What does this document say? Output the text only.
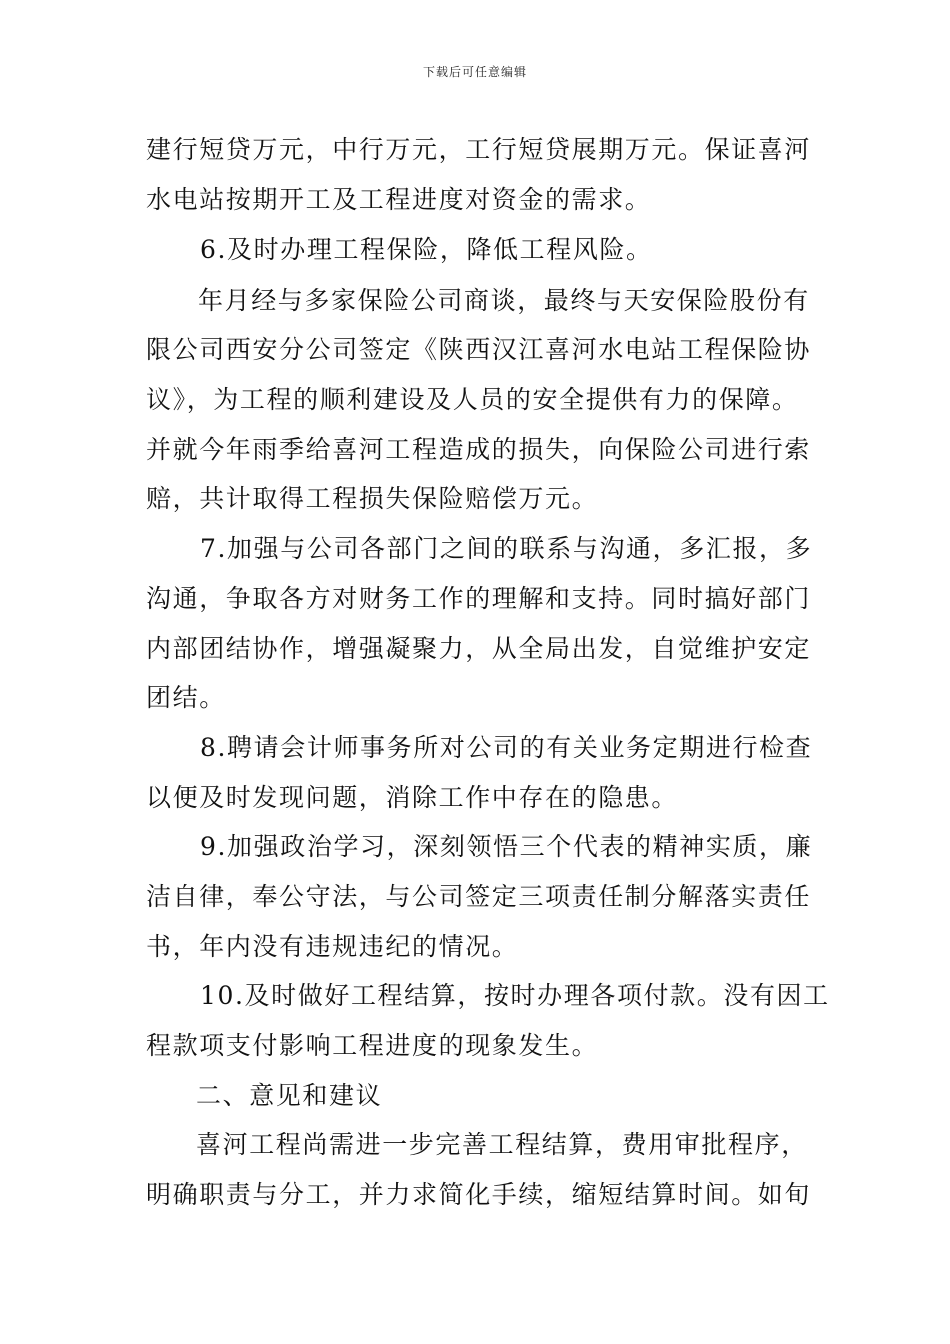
下载后可任意编辑
建行短贷万元，中行万元，工行短贷展期万元。保证喜河
水电站按期开工及工程进度对资金的需求。
6.及时办理工程保险，降低工程风险。
年月经与多家保险公司商谈，最终与天安保险股份有
限公司西安分公司签定《陕西汉江喜河水电站工程保险协
议》，为工程的顺利建设及人员的安全提供有力的保障。
并就今年雨季给喜河工程造成的损失，向保险公司进行索
赔，共计取得工程损失保险赔偿万元。
7.加强与公司各部门之间的联系与沟通，多汇报，多
沟通，争取各方对财务工作的理解和支持。同时搞好部门
内部团结协作，增强凝聚力，从全局出发，自觉维护安定
团结。
8.聘请会计师事务所对公司的有关业务定期进行检查
以便及时发现问题，消除工作中存在的隐患。
9.加强政治学习，深刻领悟三个代表的精神实质，廉
洁自律，奉公守法，与公司签定三项责任制分解落实责任
书，年内没有违规违纪的情况。
10.及时做好工程结算，按时办理各项付款。没有因工
程款项支付影响工程进度的现象发生。
二、意见和建议
喜河工程尚需进一步完善工程结算，费用审批程序，
明确职责与分工，并力求简化手续，缩短结算时间。如旬
